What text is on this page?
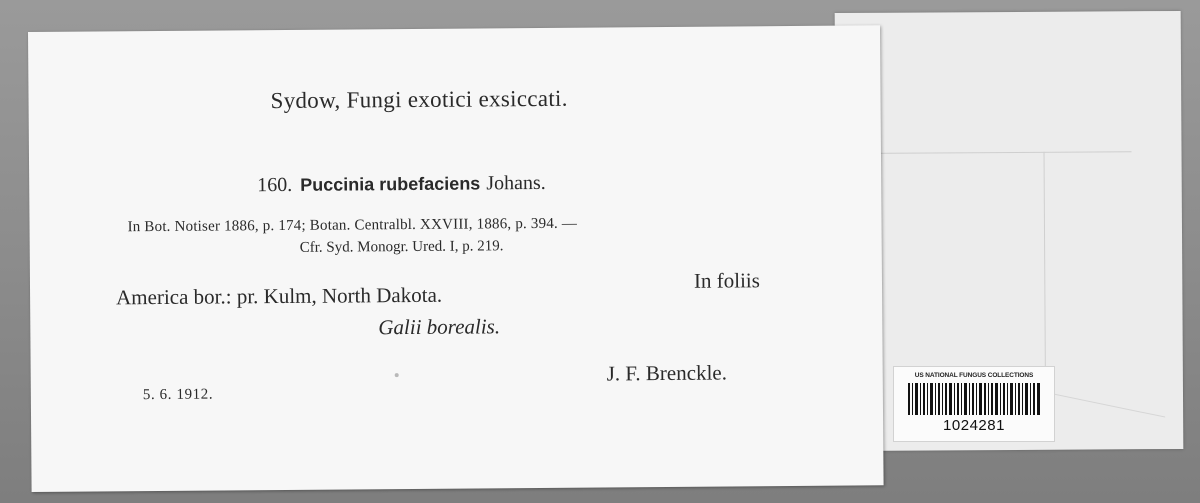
Sydow, Fungi exotici exsiccati.
160. Puccinia rubefaciens Johans.
In Bot. Notiser 1886, p. 174; Botan. Centralbl. XXVIII, 1886, p. 394. —
Cfr. Syd. Monogr. Ured. I, p. 219.
America bor.: pr. Kulm, North Dakota.
In foliis
Galii borealis.
5. 6. 1912.
J. F. Brenckle.	US NATIONAL FUNGUS COLLECTIONS
1024281
